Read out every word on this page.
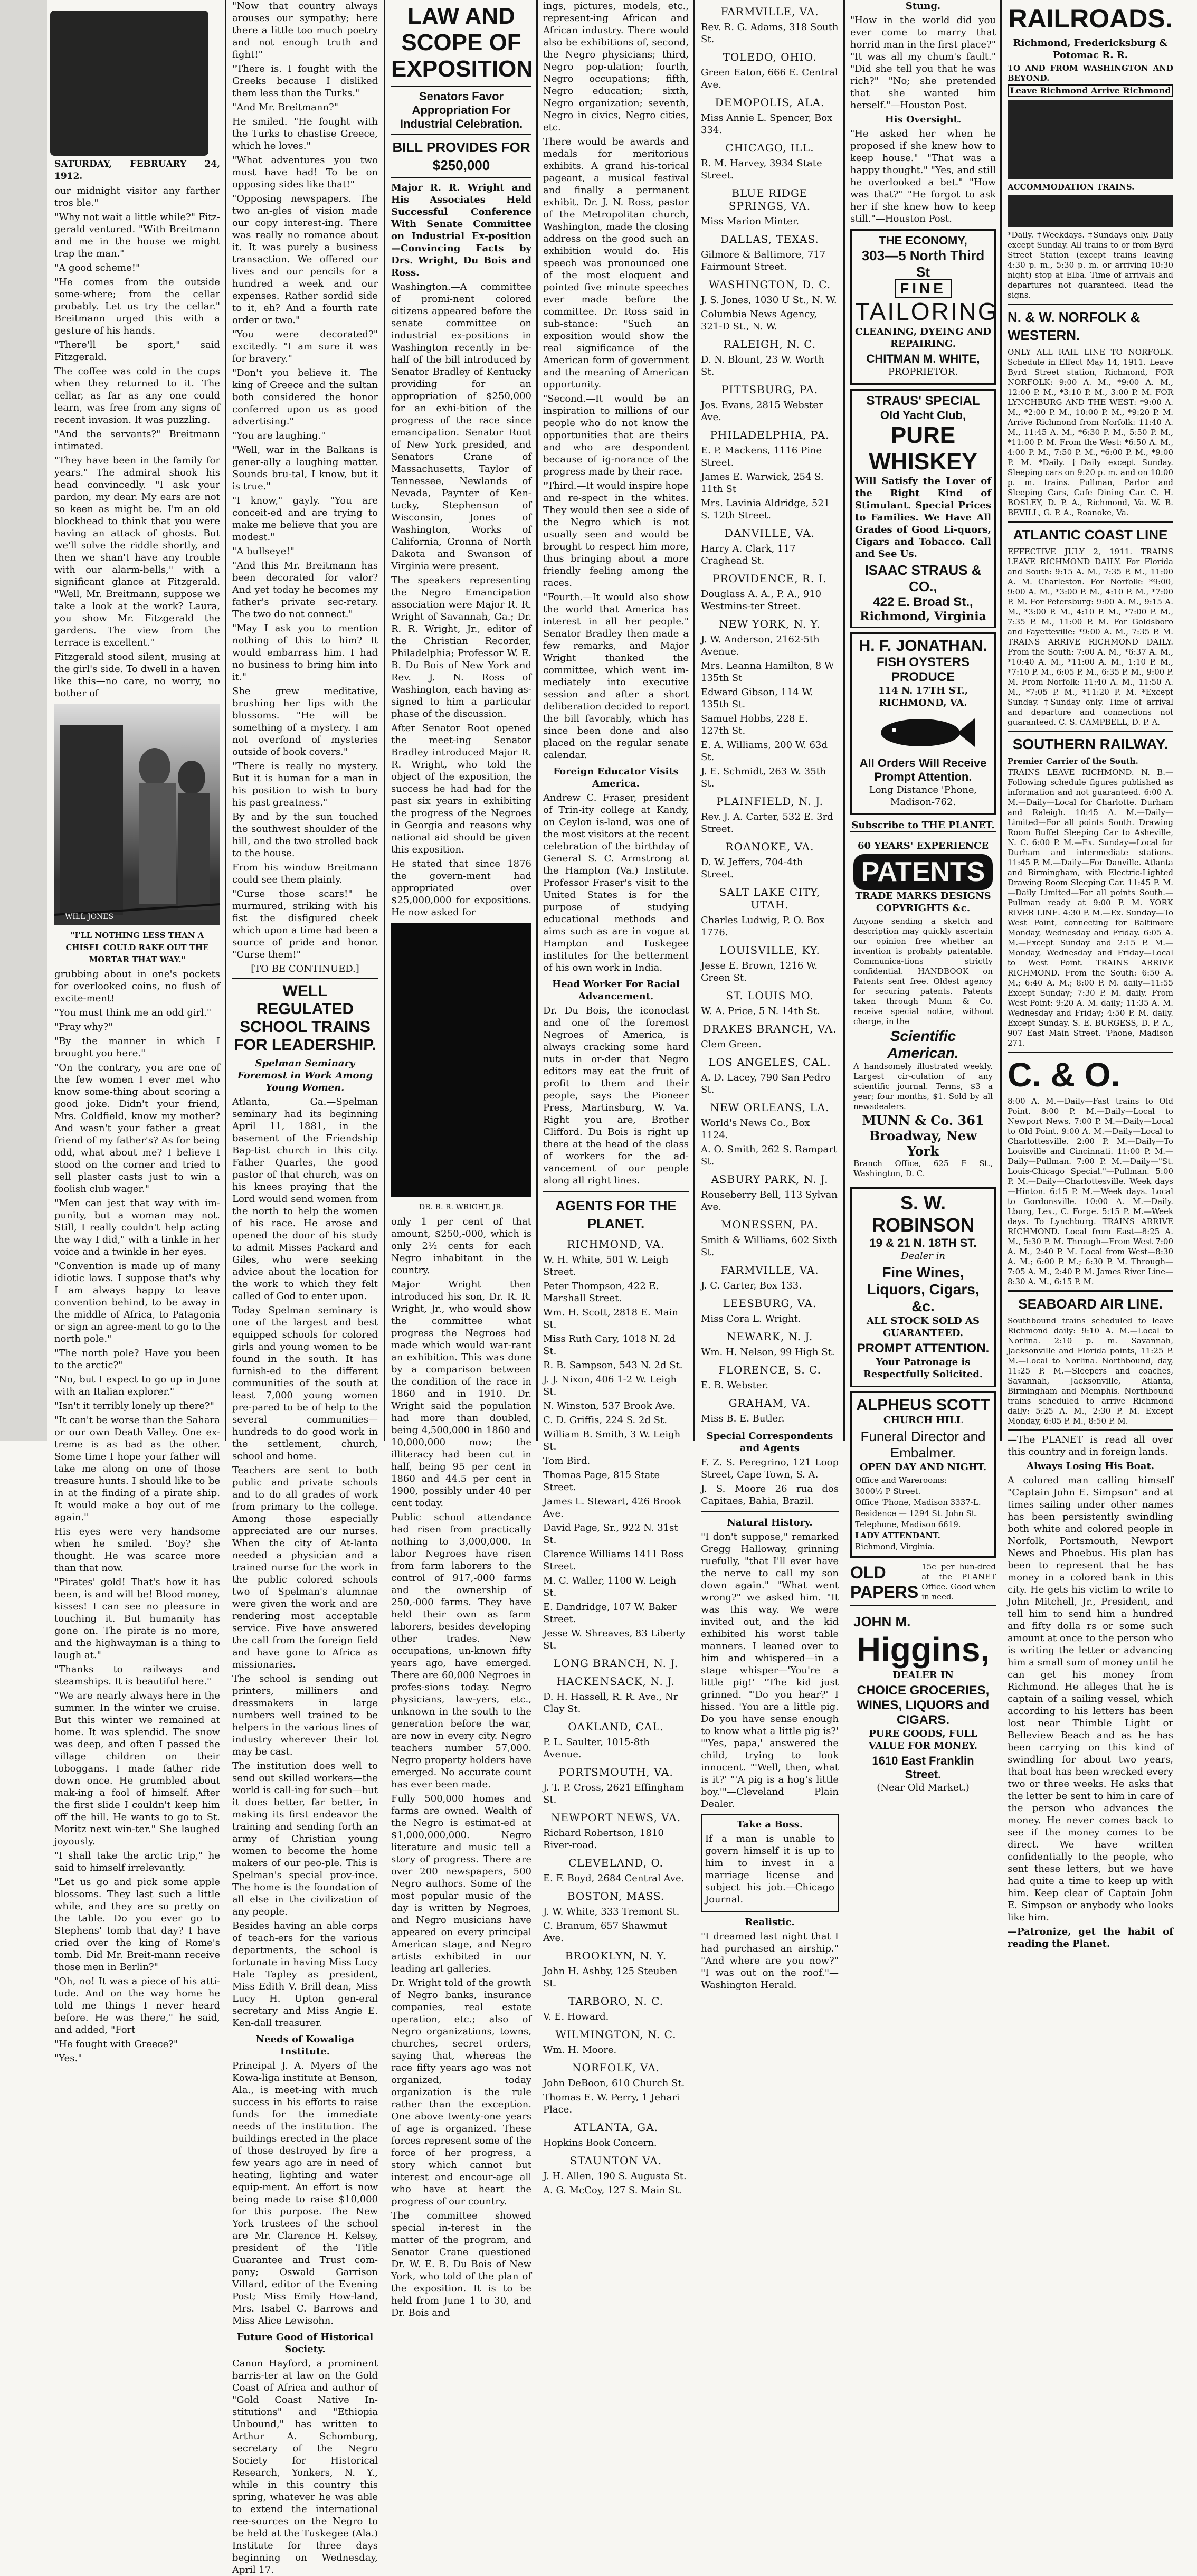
SATURDAY, FEBRUARY 24, 1912.
our midnight visitor any farther tros ble."
"Why not wait a little while?" Fitz-gerald ventured. "With Breitmann and me in the house we might trap the man."
"A good scheme!"
"He comes from the outside some-where; from the cellar probably. Let us try the cellar." Breitmann urged this with a gesture of his hands.
"There'll be sport," said Fitzgerald.
The coffee was cold in the cups when they returned to it. The cellar, as far as any one could learn, was free from any signs of recent invasion. It was puzzling.
"And the servants?" Breitmann intimated.
"They have been in the family for years." The admiral shook his head convincedly. "I ask your pardon, my dear. My ears are not so keen as might be. I'm an old blockhead to think that you were having an attack of ghosts. But we'll solve the riddle shortly, and then we shan't have any trouble with our alarm-bells," with a significant glance at Fitzgerald. "Well, Mr. Breitmann, suppose we take a look at the work? Laura, you show Mr. Fitzgerald the gardens. The view from the terrace is excellent."
Fitzgerald stood silent, musing at the girl's side. To dwell in a haven like this—no care, no worry, no bother of
WILL JONES
"I'LL NOTHING LESS THAN A CHISEL COULD RAKE OUT THE MORTAR THAT WAY."
grubbing about in one's pockets for overlooked coins, no flush of excite-ment!
"You must think me an odd girl."
"Pray why?"
"By the manner in which I brought you here."
"On the contrary, you are one of the few women I ever met who know some-thing about scoring a good joke. Didn't your friend, Mrs. Coldfield, know my mother? And wasn't your father a great friend of my father's? As for being odd, what about me? I believe I stood on the corner and tried to sell plaster casts just to win a foolish club wager."
"Men can jest that way with im-punity, but a woman may not. Still, I really couldn't help acting the way I did," with a tinkle in her voice and a twinkle in her eyes.
"Convention is made up of many idiotic laws. I suppose that's why I am always happy to leave convention behind, to be away in the middle of Africa, to Patagonia or sign an agree-ment to go to the north pole."
"The north pole? Have you been to the arctic?"
"No, but I expect to go up in June with an Italian explorer."
"Isn't it terribly lonely up there?"
"It can't be worse than the Sahara or our own Death Valley. One ex-treme is as bad as the other. Some time I hope your father will take me along on one of those treasure hunts. I should like to be in at the finding of a pirate ship. It would make a boy out of me again."
His eyes were very handsome when he smiled. 'Boy? she thought. He was scarce more than that now.
"Pirates' gold! That's how it has been, is and will be! Blood money, kisses! I can see no pleasure in touching it. But humanity has gone on. The pirate is no more, and the highwayman is a thing to laugh at."
"Thanks to railways and steamships. It is beautiful here."
"We are nearly always here in the summer. In the winter we cruise. But this winter we remained at home. It was splendid. The snow was deep, and often I passed the village children on their toboggans. I made father ride down once. He grumbled about mak-ing a fool of himself. After the first slide I couldn't keep him off the hill. He wants to go to St. Moritz next win-ter." She laughed joyously.
"I shall take the arctic trip," he said to himself irrelevantly.
"Let us go and pick some apple blossoms. They last such a little while, and they are so pretty on the table. Do you ever go to Stephens' tomb that day? I have cried over the king of Rome's tomb. Did Mr. Breit-mann receive those men in Berlin?"
"Oh, no! It was a piece of his atti-tude. And on the way home he told me things I never heard before. He was there," he said, and added, "Fort
"He fought with Greece?"
"Yes."
"Now that country always arouses our sympathy; here there a little too much poetry and not enough truth and fight!"
"There is. I fought with the Greeks because I disliked them less than the Turks."
"And Mr. Breitmann?"
He smiled. "He fought with the Turks to chastise Greece, which he loves."
"What adventures you two must have had! To be on opposing sides like that!"
"Opposing newspapers. The two an-gles of vision made our copy interest-ing. There was really no romance about it. It was purely a business transaction. We offered our lives and our pencils for a hundred a week and our expenses. Rather sordid side to it, eh? And a fourth rate order or two."
"You were decorated?" excitedly. "I am sure it was for bravery."
"Don't you believe it. The king of Greece and the sultan both considered the honor conferred upon us as good advertising."
"You are laughing."
"Well, war in the Balkans is gener-ally a laughing matter. Sounds bru-tal, I know, but it is true."
"I know," gayly. "You are conceit-ed and are trying to make me believe that you are modest."
"A bullseye!"
"And this Mr. Breitmann has been decorated for valor? And yet today he becomes my father's private sec-retary. The two do not connect."
"May I ask you to mention nothing of this to him? It would embarrass him. I had no business to bring him into it."
She grew meditative, brushing her lips with the blossoms. "He will be something of a mystery. I am not overfond of mysteries outside of book covers."
"There is really no mystery. But it is human for a man in his position to wish to bury his past greatness."
By and by the sun touched the southwest shoulder of the hill, and the two strolled back to the house.
From his window Breitmann could see them plainly.
"Curse those scars!" he murmured, striking with his fist the disfigured cheek which upon a time had been a source of pride and honor. "Curse them!"
[TO BE CONTINUED.]
WELL REGULATED SCHOOL TRAINS FOR LEADERSHIP.
Spelman Seminary Foremost in Work Among Young Women.
Atlanta, Ga.—Spelman seminary had its beginning April 11, 1881, in the basement of the Friendship Bap-tist church in this city. Father Quarles, the good pastor of that church, was on his knees praying that the Lord would send women from the north to help the women of his race. He arose and opened the door of his study to admit Misses Packard and Giles, who were seeking advice about the location for the work to which they felt called of God to enter upon.
Today Spelman seminary is one of the largest and best equipped schools for colored girls and young women to be found in the south. It has furnish-ed to the different communities of the south at least 7,000 young women pre-pared to be of help to the several communities—hundreds to do good work in the settlement, church, school and home.
Teachers are sent to both public and private schools and to do all grades of work from primary to the college. Among those especially appreciated are our nurses. When the city of At-lanta needed a physician and a trained nurse for the work in the public colored schools two of Spelman's alumnae were given the work and are rendering most acceptable service. Five have answered the call from the foreign field and have gone to Africa as missionaries.
The school is sending out printers, milliners and dressmakers in large numbers well trained to be helpers in the various lines of industry wherever their lot may be cast.
The institution does well to send out skilled workers—the world is call-ing for such—but it does better, far better, in making its first endeavor the training and sending forth an army of Christian young women to become the home makers of our peo-ple. This is Spelman's special prov-ince. The home is the foundation of all else in the civilization of any people.
Besides having an able corps of teach-ers for the various departments, the school is fortunate in having Miss Lucy Hale Tapley as president, Miss Edith V. Brill dean, Miss Lucy H. Upton gen-eral secretary and Miss Angie E. Ken-dall treasurer.
Needs of Kowaliga Institute.
Principal J. A. Myers of the Kowa-liga institute at Benson, Ala., is meet-ing with much success in his efforts to raise funds for the immediate needs of the institution. The buildings erected in the place of those destroyed by fire a few years ago are in need of heating, lighting and water equip-ment. An effort is now being made to raise $10,000 for this purpose. The New York trustees of the school are Mr. Clarence H. Kelsey, president of the Title Guarantee and Trust com-pany; Oswald Garrison Villard, editor of the Evening Post; Miss Emily How-land, Mrs. Isabel C. Barrows and Miss Alice Lewisohn.
Future Good of Historical Society.
Canon Hayford, a prominent barris-ter at law on the Gold Coast of Africa and author of "Gold Coast Native In-stitutions" and "Ethiopia Unbound," has written to Arthur A. Schomburg, secretary of the Negro Society for Historical Research, Yonkers, N. Y., while in this country this spring, whatever he was able to extend the international ree-sources on the Negro to be held at the Tuskegee (Ala.) Institute for three days beginning on Wednesday, April 17.
LAW AND SCOPE OF EXPOSITION
Senators Favor Appropriation For Industrial Celebration.
BILL PROVIDES FOR $250,000
Major R. R. Wright and His Associates Held Successful Conference With Senate Committee on Industrial Ex-position—Convincing Facts by Drs. Wright, Du Bois and Ross.
Washington.—A committee of promi-nent colored citizens appeared before the senate committee on industrial ex-positions in Washington recently in be-half of the bill introduced by Senator Bradley of Kentucky providing for an appropriation of $250,000 for an exhi-bition of the progress of the race since emancipation. Senator Root of New York presided, and Senators Crane of Massachusetts, Taylor of Tennessee, Newlands of Nevada, Paynter of Ken-tucky, Stephenson of Wisconsin, Jones of Washington, Works of California, Gronna of North Dakota and Swanson of Virginia were present.
The speakers representing the Negro Emancipation association were Major R. R. Wright of Savannah, Ga.; Dr. R. R. Wright, Jr., editor of the Christian Recorder, Philadelphia; Professor W. E. B. Du Bois of New York and Rev. J. N. Ross of Washington, each having as-signed to him a particular phase of the discussion.
After Senator Root opened the meet-ing Senator Bradley introduced Major R. R. Wright, who told the object of the exposition, the success he had had for the past six years in exhibiting the progress of the Negroes in Georgia and reasons why national aid should be given this exposition.
He stated that since 1876 the govern-ment had appropriated over $25,000,000 for expositions. He now asked for
DR. R. R. WRIGHT, JR.
only 1 per cent of that amount, $250,-000, which is only 2½ cents for each Negro inhabitant in the country.
Major Wright then introduced his son, Dr. R. R. Wright, Jr., who would show the committee what progress the Negroes had made which would war-rant an exhibition. This was done by a comparison between the condition of the race in 1860 and in 1910. Dr. Wright said the population had more than doubled, being 4,500,000 in 1860 and 10,000,000 now; the illiteracy had been cut in half, being 95 per cent in 1860 and 44.5 per cent in 1900, possibly under 40 per cent today.
Public school attendance had risen from practically nothing to 3,000,000. In labor Negroes have risen from farm laborers to the control of 917,-000 farms and the ownership of 250,-000 farms. They have held their own as farm laborers, besides developing other trades. New occupations, un-known fifty years ago, have emerged. There are 60,000 Negroes in profes-sions today. Negro physicians, law-yers, etc., unknown in the south to the generation before the war, are now in every city. Negro teachers number 57,000. Negro property holders have emerged. No accurate count has ever been made.
Fully 500,000 homes and farms are owned. Wealth of the Negro is estimat-ed at $1,000,000,000. Negro literature and music tell a story of progress. There are over 200 newspapers, 500 Negro authors. Some of the most popular music of the day is written by Negroes, and Negro musicians have appeared on every principal American stage, and Negro artists exhibited in our leading art galleries.
Dr. Wright told of the growth of Negro banks, insurance companies, real estate operation, etc.; also of Negro organizations, towns, churches, secret orders, saying that, whereas the race fifty years ago was not organized, today organization is the rule rather than the exception. One above twenty-one years of age is organized. These forces represent some of the force of her progress, a story which cannot but interest and encour-age all who have at heart the progress of our country.
The committee showed special in-terest in the matter of the program, and Senator Crane questioned Dr. W. E. B. Du Bois of New York, who told of the plan of the exposition. It is to be held from June 1 to 30, and Dr. Bois and
ings, pictures, models, etc., represent-ing African and African industry. There would also be exhibitions of, second, the Negro physicians; third, Negro pop-ulation; fourth, Negro occupations; fifth, Negro education; sixth, Negro organization; seventh, Negro in civics, Negro cities, etc.
There would be awards and medals for meritorious exhibits. A grand his-torical pageant, a musical festival and finally a permanent exhibit. Dr. J. N. Ross, pastor of the Metropolitan church, Washington, made the closing address on the good such an exhibition would do. His speech was pronounced one of the most eloquent and pointed five minute speeches ever made before the committee. Dr. Ross said in sub-stance: "Such an exposition would show the real significance of the American form of government and the meaning of American opportunity.
"Second.—It would be an inspiration to millions of our people who do not know the opportunities that are theirs and who are despondent because of ig-norance of the progress made by their race.
"Third.—It would inspire hope and re-spect in the whites. They would then see a side of the Negro which is not usually seen and would be brought to respect him more, thus bringing about a more friendly feeling among the races.
"Fourth.—It would also show the world that America has interest in all her people." Senator Bradley then made a few remarks, and Major Wright thanked the committee, which went im-mediately into executive session and after a short deliberation decided to report the bill favorably, which has since been done and also placed on the regular senate calendar.
Foreign Educator Visits America.
Andrew C. Fraser, president of Trin-ity college at Kandy, on Ceylon is-land, was one of the most visitors at the recent celebration of the birthday of General S. C. Armstrong at the Hampton (Va.) Institute. Professor Fraser's visit to the United States is for the purpose of studying educational methods and aims such as are in vogue at Hampton and Tuskegee institutes for the betterment of his own work in India.
Head Worker For Racial Advancement.
Dr. Du Bois, the iconoclast and one of the foremost Negroes of America, is always cracking some hard nuts in or-der that Negro editors may eat the fruit of profit to them and their people, says the Pioneer Press, Martinsburg, W. Va. Right you are, Brother Clifford. Du Bois is right up there at the head of the class of workers for the ad-vancement of our people along all right lines.
AGENTS FOR THE PLANET.
RICHMOND, VA.
W. H. White, 501 W. Leigh Street.
Peter Thompson, 422 E. Marshall Street.
Wm. H. Scott, 2818 E. Main St.
Miss Ruth Cary, 1018 N. 2d St.
R. B. Sampson, 543 N. 2d St.
J. J. Nixon, 406 1-2 W. Leigh St.
N. Winston, 537 Brook Ave.
C. D. Griffis, 224 S. 2d St.
William B. Smith, 3 W. Leigh St.
Tom Bird.
Thomas Page, 815 State Street.
James L. Stewart, 426 Brook Ave.
David Page, Sr., 922 N. 31st St.
Clarence Williams 1411 Ross Street.
M. C. Waller, 1100 W. Leigh St.
E. Dandridge, 107 W. Baker Street.
Jesse W. Shreaves, 83 Liberty St.
LONG BRANCH, N. J.
HACKENSACK, N. J.
D. H. Hassell, R. R. Ave., Nr Clay St.
OAKLAND, CAL.
P. L. Saulter, 1015-8th Avenue.
PORTSMOUTH, VA.
J. T. P. Cross, 2621 Effingham St.
NEWPORT NEWS, VA.
Richard Robertson, 1810 River-road.
CLEVELAND, O.
E. F. Boyd, 2684 Central Ave.
BOSTON, MASS.
J. W. White, 333 Tremont St.
C. Branum, 657 Shawmut Ave.
BROOKLYN, N. Y.
John H. Ashby, 125 Steuben St.
TARBORO, N. C.
V. E. Howard.
WILMINGTON, N. C.
Wm. H. Moore.
NORFOLK, VA.
John DeBoon, 610 Church St.
Thomas E. W. Perry, 1 Jehari Place.
ATLANTA, GA.
Hopkins Book Concern.
STAUNTON VA.
J. H. Allen, 190 S. Augusta St.
A. G. McCoy, 127 S. Main St.
FARMVILLE, VA.
Rev. R. G. Adams, 318 South St.
TOLEDO, OHIO.
Green Eaton, 666 E. Central Ave.
DEMOPOLIS, ALA.
Miss Annie L. Spencer, Box 334.
CHICAGO, ILL.
R. M. Harvey, 3934 State Street.
BLUE RIDGE SPRINGS, VA.
Miss Marion Minter.
DALLAS, TEXAS.
Gilmore & Baltimore, 717 Fairmount Street.
WASHINGTON, D. C.
J. S. Jones, 1030 U St., N. W.
Columbia News Agency, 321-D St., N. W.
RALEIGH, N. C.
D. N. Blount, 23 W. Worth St.
PITTSBURG, PA.
Jos. Evans, 2815 Webster Ave.
PHILADELPHIA, PA.
E. P. Mackens, 1116 Pine Street.
James E. Warwick, 254 S. 11th St
Mrs. Lavinia Aldridge, 521 S. 12th Street.
DANVILLE, VA.
Harry A. Clark, 117 Craghead St.
PROVIDENCE, R. I.
Douglass A. A., P. A., 910 Westmins-ter Street.
NEW YORK, N. Y.
J. W. Anderson, 2162-5th Avenue.
Mrs. Leanna Hamilton, 8 W 135th St
Edward Gibson, 114 W. 135th St.
Samuel Hobbs, 228 E. 127th St.
E. A. Williams, 200 W. 63d St.
J. E. Schmidt, 263 W. 35th St.
PLAINFIELD, N. J.
Rev. J. A. Carter, 532 E. 3rd Street.
ROANOKE, VA.
D. W. Jeffers, 704-4th Street.
SALT LAKE CITY, UTAH.
Charles Ludwig, P. O. Box 1776.
LOUISVILLE, KY.
Jesse E. Brown, 1216 W. Green St.
ST. LOUIS MO.
W. A. Price, 5 N. 14th St.
DRAKES BRANCH, VA.
Clem Green.
LOS ANGELES, CAL.
A. D. Lacey, 790 San Pedro St.
NEW ORLEANS, LA.
World's News Co., Box 1124.
A. O. Smith, 262 S. Rampart St.
ASBURY PARK, N. J.
Rouseberry Bell, 113 Sylvan Ave.
MONESSEN, PA.
Smith & Williams, 602 Sixth St.
FARMVILLE, VA.
J. C. Carter, Box 133.
LEESBURG, VA.
Miss Cora L. Wright.
NEWARK, N. J.
Wm. H. Nelson, 99 High St.
FLORENCE, S. C.
E. B. Webster.
GRAHAM, VA.
Miss B. E. Butler.
Special Correspondents and Agents
F. Z. S. Peregrino, 121 Loop Street, Cape Town, S. A.
J. S. Moore 26 rua dos Capitaes, Bahia, Brazil.
Natural History.
"I don't suppose," remarked Gregg Halloway, grinning ruefully, "that I'll ever have the nerve to call my son down again." "What went wrong?" we asked him. "It was this way. We were invited out, and the kid exhibited his worst table manners. I leaned over to him and whispered—in a stage whisper—'You're a little pig!' "The kid just grinned. "'Do you hear?' I hissed. 'You are a little pig. Do you have sense enough to know what a little pig is?' "'Yes, papa,' answered the child, trying to look innocent. "'Well, then, what is it?' "'A pig is a hog's little boy.'"—Cleveland Plain Dealer.
Take a Boss.
If a man is unable to govern himself it is up to him to invest in a marriage license and subject his job.—Chicago Journal.
Realistic.
"I dreamed last night that I had purchased an airship." "And where are you now?" "I was out on the roof."—Washington Herald.
Stung.
"How in the world did you ever come to marry that horrid man in the first place?" "It was all my chum's fault." "Did she tell you that he was rich?" "No; she pretended that she wanted him herself."—Houston Post.
His Oversight.
"He asked her when he proposed if she knew how to keep house." "That was a happy thought." "Yes, and still he overlooked a bet." "How was that?" "He forgot to ask her if she knew how to keep still."—Houston Post.
THE ECONOMY,
303—5 North Third St
FINE
TAILORING
CLEANING, DYEING AND REPAIRING.
CHITMAN M. WHITE,
PROPRIETOR.
STRAUS' SPECIAL
Old Yacht Club,
PURE WHISKEY
Will Satisfy the Lover of the Right Kind of Stimulant. Special Prices to Families. We Have All Grades of Good Li-quors, Cigars and Tobacco. Call and See Us.
ISAAC STRAUS & CO.,
422 E. Broad St.,
Richmond, Virginia
H. F. JONATHAN.
FISH OYSTERS PRODUCE
114 N. 17TH ST., RICHMOND, VA.
All Orders Will Receive Prompt Attention.
Long Distance 'Phone, Madison-762.
Subscribe to THE PLANET.
60 YEARS' EXPERIENCE
PATENTS
TRADE MARKS DESIGNS COPYRIGHTS &c.
Anyone sending a sketch and description may quickly ascertain our opinion free whether an invention is probably patentable. Communica-tions strictly confidential. HANDBOOK on Patents sent free. Oldest agency for securing patents. Patents taken through Munn & Co. receive special notice, without charge, in the
Scientific American.
A handsomely illustrated weekly. Largest cir-culation of any scientific journal. Terms, $3 a year; four months, $1. Sold by all newsdealers.
MUNN & Co. 361 Broadway, New York
Branch Office, 625 F St., Washington, D. C.
S. W. ROBINSON
19 & 21 N. 18TH ST.
Dealer in
Fine Wines, Liquors, Cigars, &c.
ALL STOCK SOLD AS GUARANTEED.
PROMPT ATTENTION.
Your Patronage is Respectfully Solicited.
ALPHEUS SCOTT
CHURCH HILL
Funeral Director and Embalmer.
OPEN DAY AND NIGHT.
Office and Warerooms:
3000½ P Street.
Office 'Phone, Madison 3337-L.
Residence — 1294 St. John St.
Telephone, Madison 6619.
LADY ATTENDANT.
Richmond, Virginia.
OLD PAPERS
15c per hun-dred at the PLANET Office. Good when in need.
JOHN M.
Higgins,
DEALER IN
CHOICE GROCERIES, WINES, LIQUORS and CIGARS.
PURE GOODS, FULL VALUE FOR MONEY.
1610 East Franklin Street.
(Near Old Market.)
RAILROADS.
Richmond, Fredericksburg & Potomac R. R.
TO AND FROM WASHINGTON AND BEYOND.
Leave Richmond Arrive Richmond
ACCOMMODATION TRAINS.
*Daily. †Weekdays. ‡Sundays only. Daily except Sunday. All trains to or from Byrd Street Station (except trains leaving 4:30 p. m., 5:30 p. m. or arriving 10:30 night) stop at Elba. Time of arrivals and departures not guaranteed. Read the signs.
N. & W. NORFOLK & WESTERN.
ONLY ALL RAIL LINE TO NORFOLK. Schedule in Effect May 14, 1911. Leave Byrd Street station, Richmond, FOR NORFOLK: 9:00 A. M., *9:00 A. M., 12:00 P. M., *3:10 P. M., 3:00 P. M. FOR LYNCHBURG AND THE WEST: *9:00 A. M., *2:00 P. M., 10:00 P. M., *9:20 P. M. Arrive Richmond from Norfolk: 11:40 A. M., 11:45 A. M., *6:30 P. M., 5:50 P. M., *11:00 P. M. From the West: *6:50 A. M., 4:00 P. M., 7:50 P. M., *6:00 P. M., *9:00 P. M. *Daily. †Daily except Sunday. Sleeping cars on 9:20 p. m. and on 10:00 p. m. trains. Pullman, Parlor and Sleeping Cars, Cafe Dining Car. C. H. BOSLEY, D. P. A., Richmond, Va. W. B. BEVILL, G. P. A., Roanoke, Va.
ATLANTIC COAST LINE
EFFECTIVE JULY 2, 1911. TRAINS LEAVE RICHMOND DAILY. For Florida and South: 9:15 A. M., 7:35 P. M., 11:00 A. M. Charleston. For Norfolk: *9:00, 9:00 A. M., *3:00 P. M., 4:10 P. M., *7:00 P. M. For Petersburg: 9:00 A. M., 9:15 A. M., *3:00 P. M., 4:10 P. M., *7:00 P. M., 7:35 P. M., 11:00 P. M. For Goldsboro and Fayetteville: *9:00 A. M., 7:35 P. M. TRAINS ARRIVE RICHMOND DAILY. From the South: 7:00 A. M., *6:37 A. M., *10:40 A. M., *11:00 A. M., 1:10 P. M., *7:10 P. M., 6:05 P. M., 6:35 P. M., 9:00 P. M. From Norfolk: 11:40 A. M., 11:50 A. M., *7:05 P. M., *11:20 P. M. *Except Sunday. †Sunday only. Time of arrival and departure and connections not guaranteed. C. S. CAMPBELL, D. P. A.
SOUTHERN RAILWAY.
Premier Carrier of the South.
TRAINS LEAVE RICHMOND. N. B.—Following schedule figures published as information and not guaranteed. 6:00 A. M.—Daily—Local for Charlotte. Durham and Raleigh. 10:45 A. M.—Daily—Limited—For all points South. Drawing Room Buffet Sleeping Car to Asheville, N. C. 6:00 P. M.—Ex. Sunday—Local for Durham and intermediate stations. 11:45 P. M.—Daily—For Danville. Atlanta and Birmingham, with Electric-Lighted Drawing Room Sleeping Car. 11:45 P. M.—Daily Limited—For all points South.—Pullman ready at 9:00 P. M. YORK RIVER LINE. 4:30 P. M.—Ex. Sunday—To West Point, connecting for Baltimore Monday, Wednesday and Friday. 6:05 A. M.—Except Sunday and 2:15 P. M.—Monday, Wednesday and Friday—Local to West Point. TRAINS ARRIVE RICHMOND. From the South: 6:50 A. M.; 6:40 A. M.; 8:00 P. M. daily—11:55 Except Sunday; 7:30 P. M. daily. From West Point: 9:20 A. M. daily; 11:35 A. M. Wednesday and Friday; 4:50 P. M. daily. Except Sunday. S. E. BURGESS, D. P. A., 907 East Main Street. 'Phone, Madison 271.
C. & O.
8:00 A. M.—Daily—Fast trains to Old Point. 8:00 P. M.—Daily—Local to Newport News. 7:00 P. M.—Daily—Local to Old Point. 9:00 A. M.—Daily—Local to Charlottesville. 2:00 P. M.—Daily—To Louisville and Cincinnati. 11:00 P. M.—Daily—Pullman. 7:00 P. M.—Daily—"St. Louis-Chicago Special."—Pullman. 5:00 P. M.—Daily—Charlottesville. Week days—Hinton. 6:15 P. M.—Week days. Local to Gordonsville. 10:00 A. M.—Daily. Lburg, Lex., C. Forge. 5:15 P. M.—Week days. To Lynchburg. TRAINS ARRIVE RICHMOND. Local from East—8:25 A. M., 5:30 P. M. Through—From West 7:00 A. M., 2:40 P. M. Local from West—8:30 A. M.; 6:00 P. M.; 6:30 P. M. Through—7:05 A. M., 2:40 P. M. James River Line—8:30 A. M., 6:15 P. M.
SEABOARD AIR LINE.
Southbound trains scheduled to leave Richmond daily: 9:10 A. M.—Local to Norlina. 2:10 p. m. Savannah, Jacksonville and Florida points, 11:25 P. M.—Local to Norlina. Northbound, day, 11:25 P. M.—Sleepers and coaches, Savannah, Jacksonville, Atlanta, Birmingham and Memphis. Northbound trains scheduled to arrive Richmond daily: 5:25 A. M., 2:30 P. M. Except Monday, 6:05 P. M., 8:50 P. M.
—The PLANET is read all over this country and in foreign lands.
Always Losing His Boat.
A colored man calling himself "Captain John E. Simpson" and at times sailing under other names has been persistently swindling both white and colored people in Norfolk, Portsmouth, Newport News and Phoebus. His plan has been to represent that he has money in a colored bank in this city. He gets his victim to write to John Mitchell, Jr., President, and tell him to send him a hundred and fifty dolla rs or some such amount at once to the person who is writing the letter or advancing him a small sum of money until he can get his money from Richmond. He alleges that he is captain of a sailing vessel, which according to his letters has been lost near Thimble Light or Belleview Beach and as he has been carrying on this kind of swindling for about two years, that boat has been wrecked every two or three weeks. He asks that the letter be sent to him in care of the person who advances the money. He never comes back to see if the money comes to be direct. We have written confidentially to the people, who sent these letters, but we have had quite a time to keep up with him. Keep clear of Captain John E. Simpson or anybody who looks like him.
—Patronize, get the habit of reading the Planet.
